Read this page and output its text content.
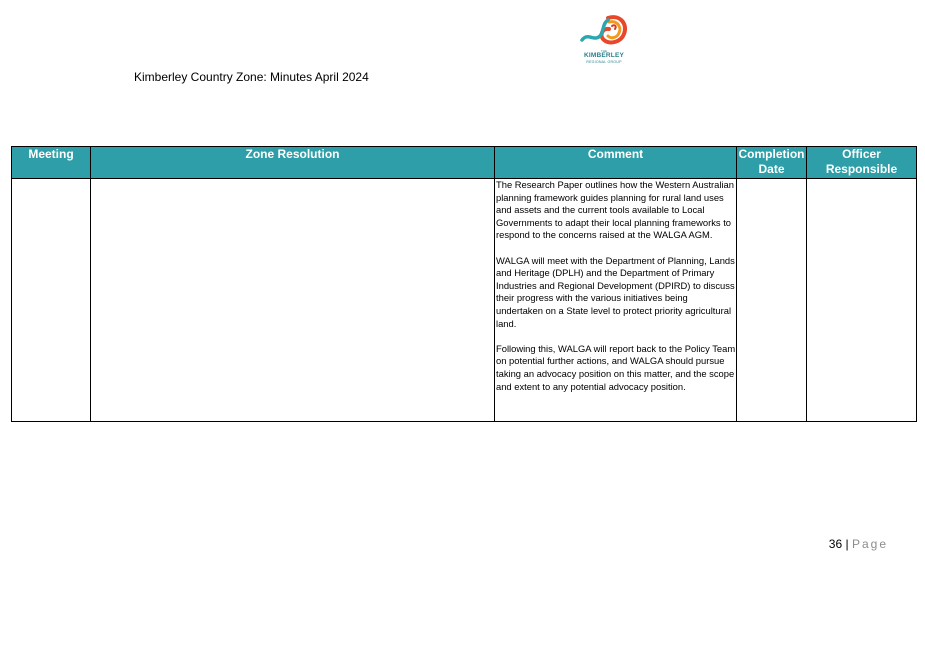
THE
KIMBERLEY
REGIONAL GROUP
Kimberley Country Zone: Minutes April 2024
Meeting	Zone Resolution	Comment	Completion Date	Officer Responsible

		The Research Paper outlines how the Western Australian planning framework guides planning for rural land uses and assets and the current tools available to Local Governments to adapt their local planning frameworks to respond to the concerns raised at the WALGA AGM.

WALGA will meet with the Department of Planning, Lands and Heritage (DPLH) and the Department of Primary Industries and Regional Development (DPIRD) to discuss their progress with the various initiatives being undertaken on a State level to protect priority agricultural land.

Following this, WALGA will report back to the Policy Team on potential further actions, and WALGA should pursue taking an advocacy position on this matter, and the scope and extent to any potential advocacy position.		

36 | Page
